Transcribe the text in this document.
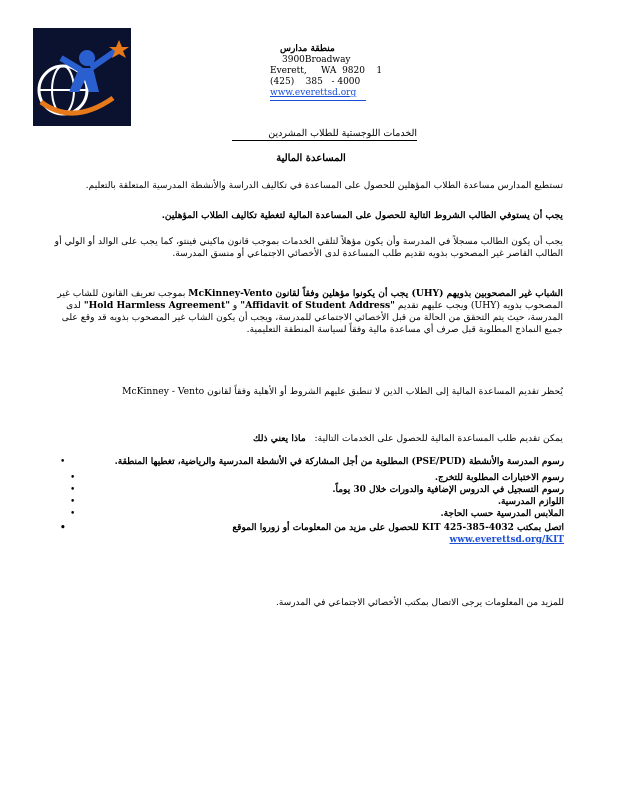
منطقة مدارس
3900Broadway
Everett, WA 9820 1
(425) 385 - 4000
www.everettsd.org
الخدمات اللوجستية للطلاب المشردين
المساعدة المالية
تستطيع المدارس مساعدة الطلاب المؤهلين للحصول على المساعدة في تكاليف الدراسة والأنشطة المدرسية المتعلقة بالتعليم.
يجب أن يستوفي الطالب الشروط التالية للحصول على المساعدة المالية لتغطية تكاليف الطلاب المؤهلين.
يجب أن يكون الطالب مسجلاً في المدرسة وأن يكون مؤهلاً لتلقي الخدمات بموجب قانون ماكيني فينتو، كما يجب على الوالد أو الولي أو الطالب القاصر غير المصحوب بذويه تقديم طلب المساعدة لدى الأخصائي الاجتماعي أو منسق المدرسة.
الشباب غير المصحوبين بذويهم (UHY) يجب أن يكونوا مؤهلين وفقاً لقانون McKinney-Vento بموجب تعريف القانون للشاب غير المصحوب بذويه (UHY) ويجب عليهم تقديم "Affidavit of Student Address" و "Hold Harmless Agreement" لدى المدرسة، حيث يتم التحقق من الحالة من قبل الأخصائي الاجتماعي للمدرسة، ويجب أن يكون الشاب غير المصحوب بذويه قد وقع على جميع النماذج المطلوبة قبل صرف أي مساعدة مالية وفقاً لسياسة المنطقة التعليمية.
يُحظر تقديم المساعدة المالية إلى الطلاب الذين لا تنطبق عليهم الشروط أو الأهلية وفقاً لقانون McKinney - Vento
يمكن تقديم طلب المساعدة المالية للحصول على الخدمات التالية:   ماذا يعني ذلك
•	رسوم المدرسة والأنشطة (PSE/PUD) المطلوبة من أجل المشاركة في الأنشطة المدرسية والرياضية، تغطيها المنطقة.
•	رسوم الاختبارات المطلوبة للتخرج.
•	رسوم التسجيل في الدروس الإضافية والدورات خلال 30 يوماً.
•	اللوازم المدرسية.
•	الملابس المدرسية حسب الحاجة.
•	اتصل بمكتب KIT 425-385-4032 للحصول على مزيد من المعلومات أو زوروا الموقع
www.everettsd.org/KIT
للمزيد من المعلومات يرجى الاتصال بمكتب الأخصائي الاجتماعي في المدرسة.
